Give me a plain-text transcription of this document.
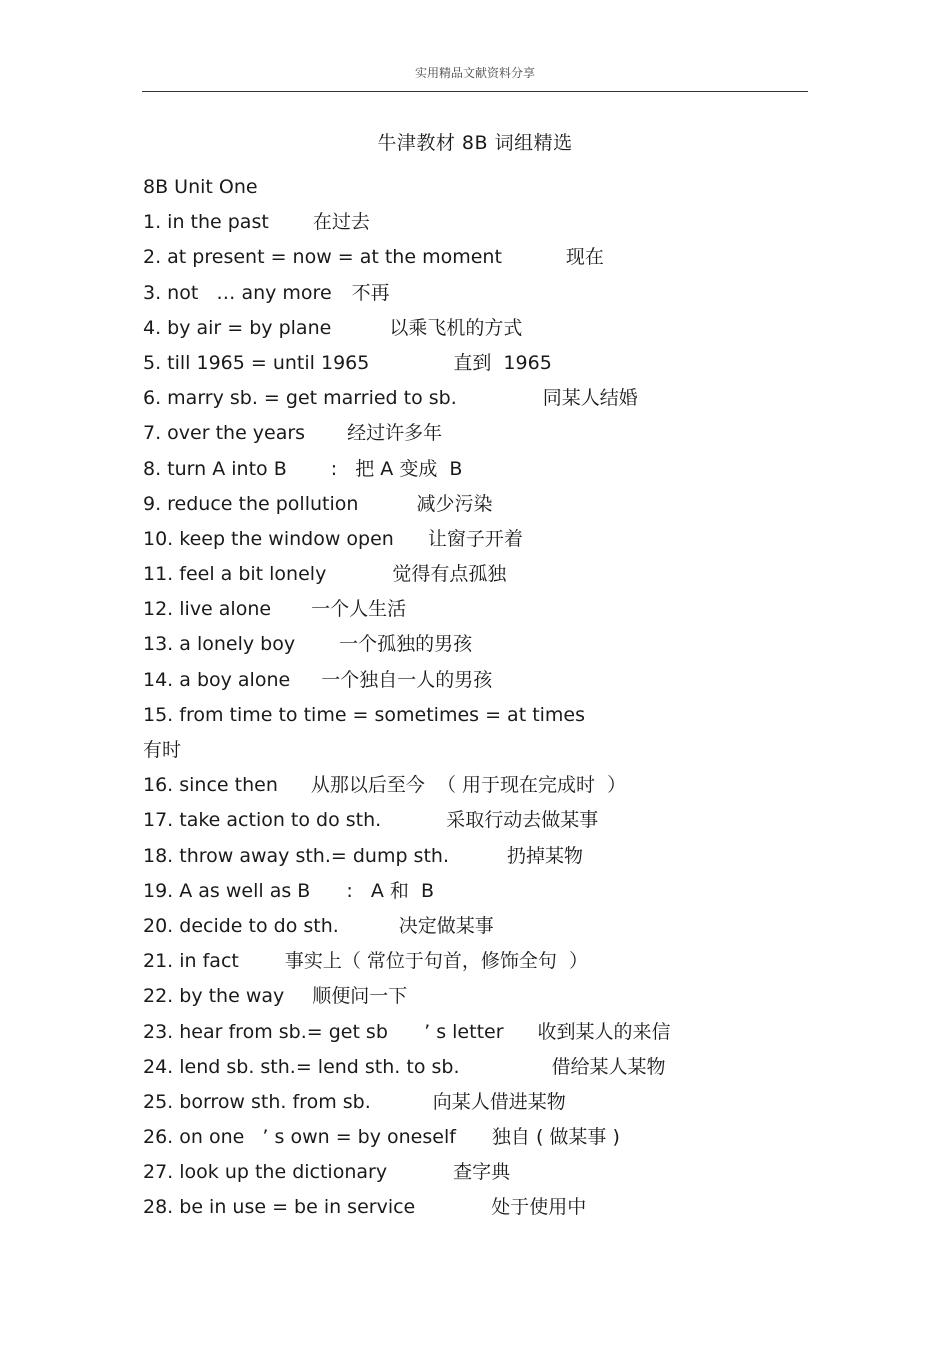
实用精品文献资料分享
牛津教材 8B 词组精选
8B Unit One
1. in the past 在过去
2. at present = now = at the moment	现在
3. not   … any more 不再
4. by air = by plane	以乘飞机的方式
5. till 1965 = until 1965	直到  1965
6. marry sb. = get married to sb.	同某人结婚
7. over the years 经过许多年
8. turn A into B :   把 A 变成  B
9. reduce the pollution	减少污染
10. keep the window open 让窗子开着
11. feel a bit lonely	觉得有点孤独
12. live alone 一个人生活
13. a lonely boy 一个孤独的男孩
14. a boy alone 一个独自一人的男孩
15. from time to time = sometimes = at times
有时
16. since then 从那以后至今  （ 用于现在完成时  ）
17. take action to do sth.	采取行动去做某事
18. throw away sth.= dump sth.	扔掉某物
19. A as well as B :   A 和  B
20. decide to do sth.	决定做某事
21. in fact 事实上（ 常位于句首，修饰全句  ）
22. by the way 顺便问一下
23. hear from sb.= get sb      ’ s letter 收到某人的来信
24. lend sb. sth.= lend sth. to sb.	借给某人某物
25. borrow sth. from sb.	向某人借进某物
26. on one   ’ s own = by oneself 独自 ( 做某事 )
27. look up the dictionary	查字典
28. be in use = be in service	处于使用中
